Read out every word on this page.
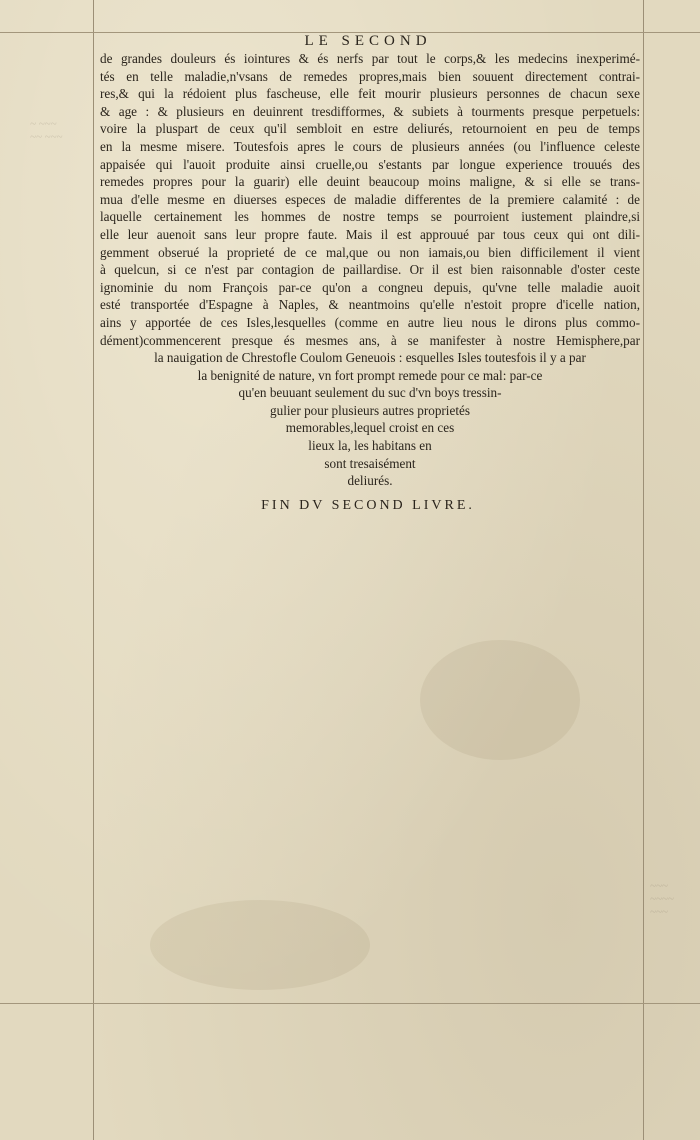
~ ~~~
~~ ~~~
~~~
~~~~
~~~
LE SECOND
de grandes douleurs és iointures & és nerfs par tout le corps,& les medecins inexperimé-
tés en telle maladie,n'vsans de remedes propres,mais bien souuent directement contrai-
res,& qui la rédoient plus fascheuse, elle feit mourir plusieurs personnes de chacun sexe
& age : & plusieurs en deuinrent tresdifformes, & subiets à tourments presque perpetuels:
voire la pluspart de ceux qu'il sembloit en estre deliurés, retournoient en peu de temps
en la mesme misere. Toutesfois apres le cours de plusieurs années (ou l'influence celeste
appaisée qui l'auoit produite ainsi cruelle,ou s'estants par longue experience trouués des
remedes propres pour la guarir) elle deuint beaucoup moins maligne, & si elle se trans-
mua d'elle mesme en diuerses especes de maladie differentes de la premiere calamité : de
laquelle certainement les hommes de nostre temps se pourroient iustement plaindre,si
elle leur auenoit sans leur propre faute. Mais il est approuué par tous ceux qui ont dili-
gemment obserué la proprieté de ce mal,que ou non iamais,ou bien difficilement il vient
à quelcun, si ce n'est par contagion de paillardise. Or il est bien raisonnable d'oster ceste
ignominie du nom François par-ce qu'on a congneu depuis, qu'vne telle maladie auoit
esté transportée d'Espagne à Naples, & neantmoins qu'elle n'estoit propre d'icelle nation,
ains y apportée de ces Isles,lesquelles (comme en autre lieu nous le dirons plus commo-
dément)commencerent presque és mesmes ans, à se manifester à nostre Hemisphere,par
la nauigation de Chrestofle Coulom Geneuois : esquelles Isles toutesfois il y a par
la benignité de nature, vn fort prompt remede pour ce mal: par-ce
qu'en beuuant seulement du suc d'vn boys tressin-
gulier pour plusieurs autres proprietés
memorables,lequel croist en ces
lieux la, les habitans en
sont tresaisément
deliurés.
FIN DV SECOND LIVRE.
